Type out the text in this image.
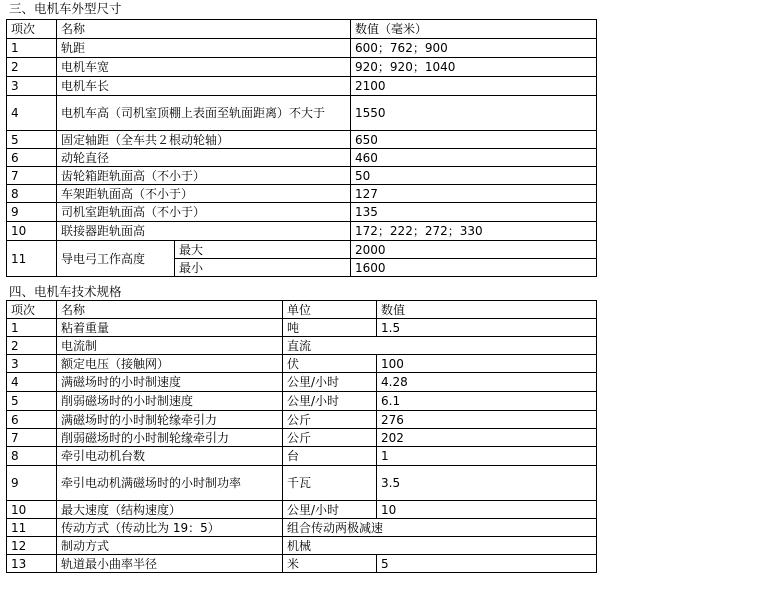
三、电机车外型尺寸
项次	名称		数值（毫米）
1	轨距		600；762；900
2	电机车宽		920；920；1040
3	电机车长		2100
4	电机车高（司机室顶棚上表面至轨面距离）不大于		1550
5	固定轴距（全车共２根动轮轴）		650
6	动轮直径		460
7	齿轮箱距轨面高（不小于）		50
8	车架距轨面高（不小于）		127
9	司机室距轨面高（不小于）		135
10	联接器距轨面高		172；222；272；330
11	导电弓工作高度	最大	2000
		最小	1600
四、电机车技术规格
项次	名称	单位	数值
1	粘着重量	吨	1.5
2	电流制	直流	
3	额定电压（接触网）	伏	100
4	满磁场时的小时制速度	公里/小时	4.28
5	削弱磁场时的小时制速度	公里/小时	6.1
6	满磁场时的小时制轮缘牵引力	公斤	276
7	削弱磁场时的小时制轮缘牵引力	公斤	202
8	牵引电动机台数	台	1
9	牵引电动机满磁场时的小时制功率	千瓦	3.5
10	最大速度（结构速度）	公里/小时	10
11	传动方式（传动比为 19：5）	组合传动两极减速	
12	制动方式	机械	
13	轨道最小曲率半径	米	5
